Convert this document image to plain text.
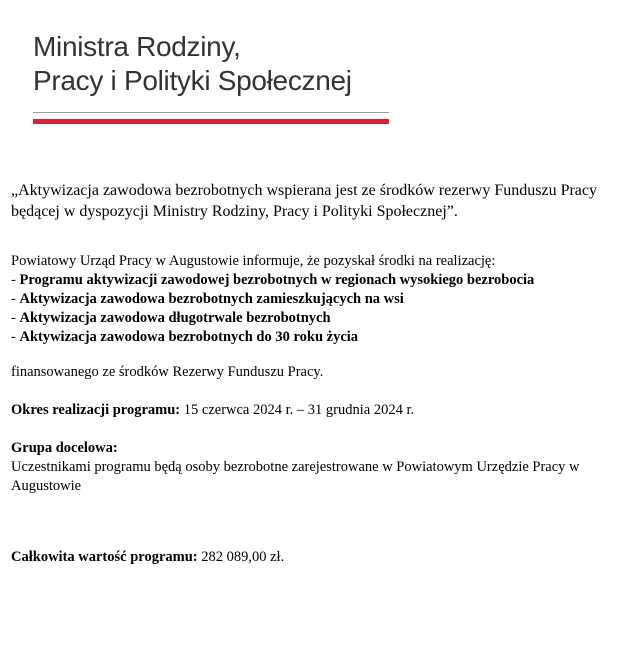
Ministra Rodziny,
Pracy i Polityki Społecznej

„Aktywizacja zawodowa bezrobotnych wspierana jest ze środków rezerwy Funduszu Pracy będącej w dyspozycji Ministry Rodziny, Pracy i Polityki Społecznej”.

Powiatowy Urząd Pracy w Augustowie informuje, że pozyskał środki na realizację:

- Programu aktywizacji zawodowej bezrobotnych w regionach wysokiego bezrobocia
- Aktywizacja zawodowa bezrobotnych zamieszkujących na wsi
- Aktywizacja zawodowa długotrwale bezrobotnych
- Aktywizacja zawodowa bezrobotnych do 30 roku życia

finansowanego ze środków Rezerwy Funduszu Pracy.

Okres realizacji programu: 15 czerwca 2024 r. – 31 grudnia 2024 r.

Grupa docelowa:
Uczestnikami programu będą osoby bezrobotne zarejestrowane w Powiatowym Urzędzie Pracy w Augustowie

Całkowita wartość programu: 282 089,00 zł.
